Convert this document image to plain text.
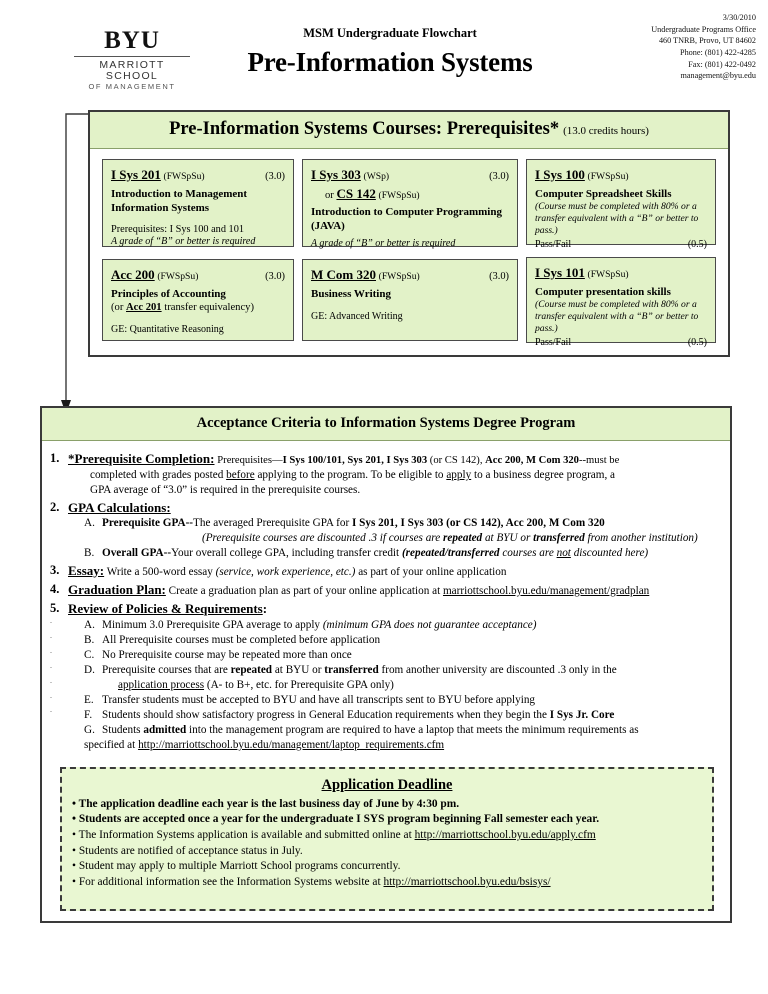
BYU
MARRIOTT SCHOOL
OF MANAGEMENT
MSM Undergraduate Flowchart
Pre-Information Systems
3/30/2010
Undergraduate Programs Office
460 TNRB, Provo, UT 84602
Phone: (801) 422-4285
Fax: (801) 422-0492
management@byu.edu
Pre-Information Systems Courses: Prerequisites* (13.0 credits hours)
I Sys 201 (FWSpSu)	(3.0)
Introduction to Management
Information Systems
Prerequisites: I Sys 100 and 101
A grade of “B” or better is required
Acc 200 (FWSpSu)	(3.0)
Principles of Accounting
(or Acc 201 transfer equivalency)
GE: Quantitative Reasoning
I Sys 303 (WSp)	(3.0)
or CS 142 (FWSpSu)
Introduction to Computer Programming
(JAVA)
A grade of “B” or better is required
M Com 320 (FWSpSu)	(3.0)
Business Writing
GE: Advanced Writing
I Sys 100 (FWSpSu)
Computer Spreadsheet Skills
(Course must be completed with 80% or a transfer equivalent with a “B” or better to pass.)
Pass/Fail	(0.5)
I Sys 101 (FWSpSu)
Computer presentation skills
(Course must be completed with 80% or a transfer equivalent with a “B” or better to pass.)
Pass/Fail	(0.5)
Acceptance Criteria to Information Systems Degree Program
1. *Prerequisite Completion: Prerequisites—I Sys 100/101, Sys 201, I Sys 303 (or CS 142), Acc 200, M Com 320--must be
completed with grades posted before applying to the program. To be eligible to apply to a business degree program, a
GPA average of “3.0” is required in the prerequisite courses.
2. GPA Calculations:
A. Prerequisite GPA--The averaged Prerequisite GPA for I Sys 201, I Sys 303 (or CS 142), Acc 200, M Com 320
(Prerequisite courses are discounted .3 if courses are repeated at BYU or transferred from another institution)
B. Overall GPA--Your overall college GPA, including transfer credit (repeated/transferred courses are not discounted here)
3. Essay: Write a 500-word essay (service, work experience, etc.) as part of your online application
4. Graduation Plan: Create a graduation plan as part of your online application at marriottschool.byu.edu/management/gradplan
5. Review of Policies & Requirements:
A. Minimum 3.0 Prerequisite GPA average to apply (minimum GPA does not guarantee acceptance)
B. All Prerequisite courses must be completed before application
C. No Prerequisite course may be repeated more than once
D. Prerequisite courses that are repeated at BYU or transferred from another university are discounted .3 only in the
application process (A- to B+, etc. for Prerequisite GPA only)
E. Transfer students must be accepted to BYU and have all transcripts sent to BYU before applying
F. Students should show satisfactory progress in General Education requirements when they begin the I Sys Jr. Core
G. Students admitted into the management program are required to have a laptop that meets the minimum requirements as
specified at http://marriottschool.byu.edu/management/laptop_requirements.cfm
Application Deadline
• The application deadline each year is the last business day of June by 4:30 pm.
• Students are accepted once a year for the undergraduate I SYS program beginning Fall semester each year.
• The Information Systems application is available and submitted online at http://marriottschool.byu.edu/apply.cfm
• Students are notified of acceptance status in July.
• Student may apply to multiple Marriott School programs concurrently.
• For additional information see the Information Systems website at http://marriottschool.byu.edu/bsisys/
.
.
.
.
.
.
.
